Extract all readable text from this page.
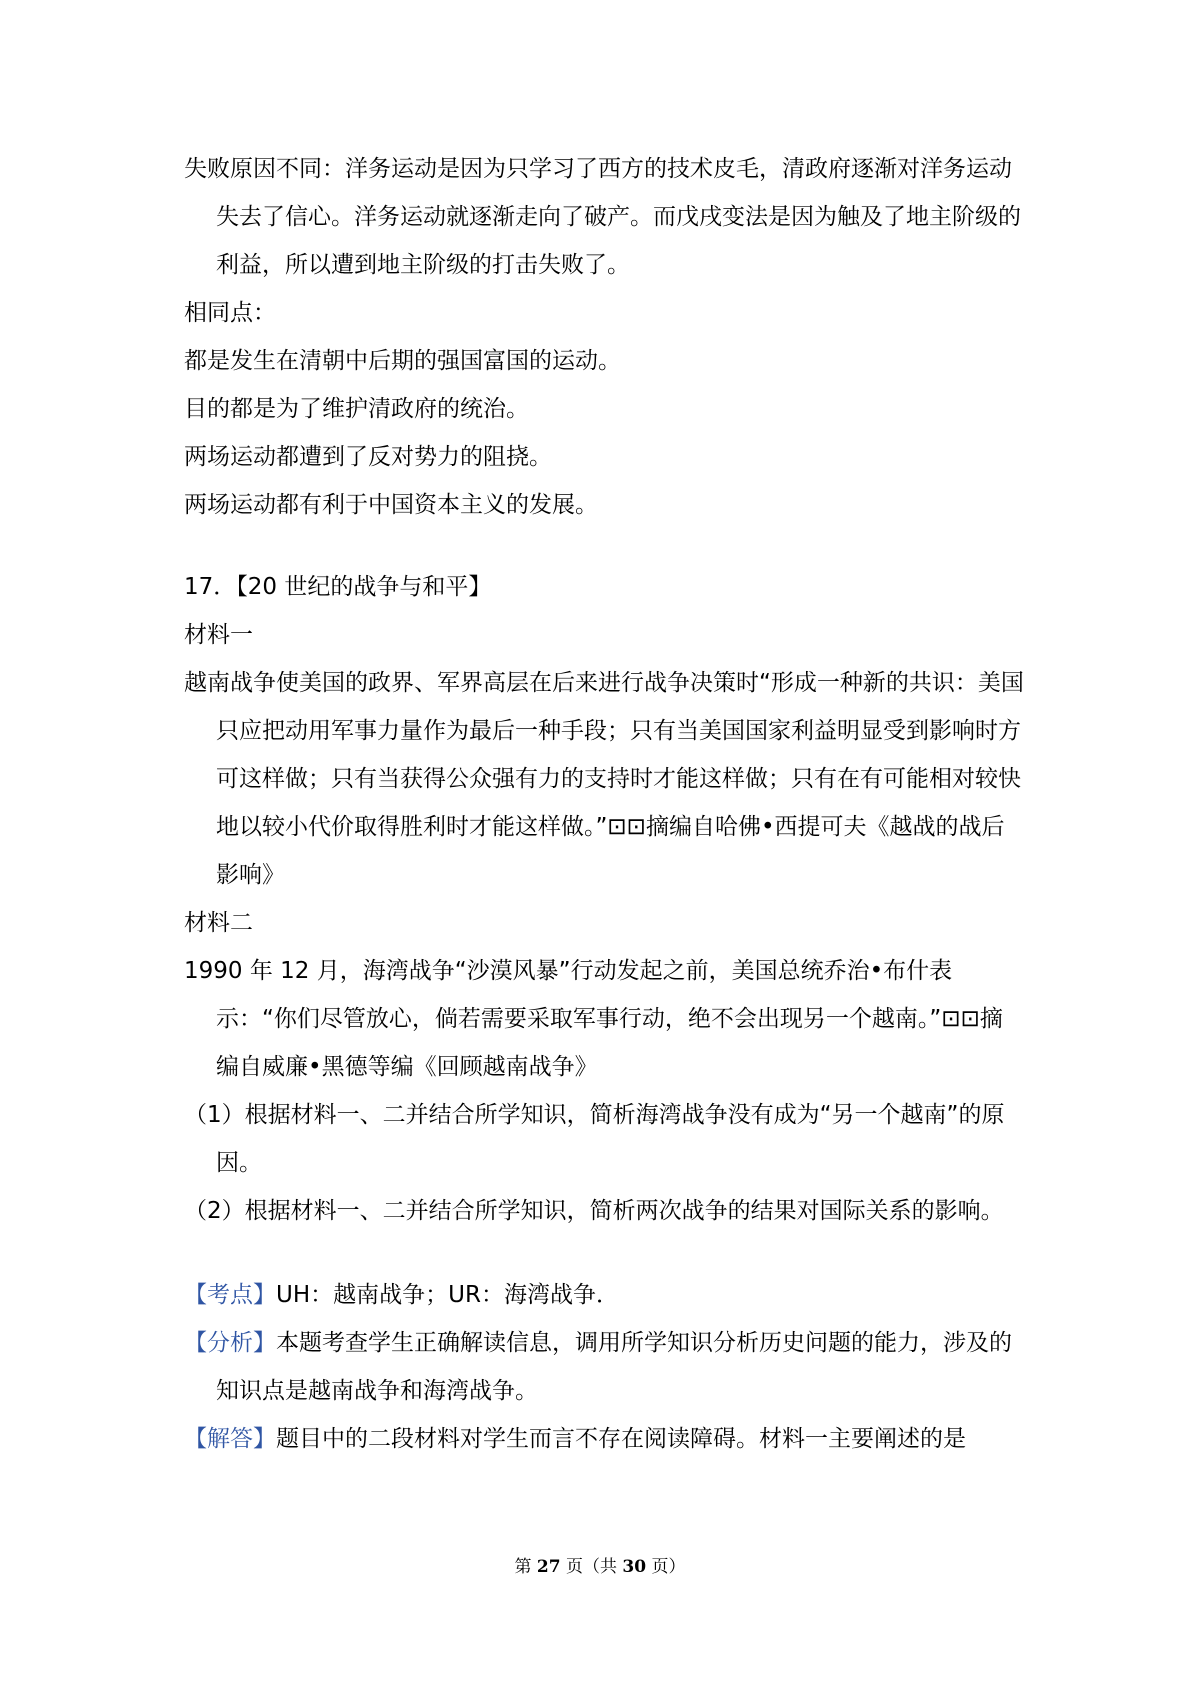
失败原因不同：洋务运动是因为只学习了西方的技术皮毛，清政府逐渐对洋务运动失去了信心。洋务运动就逐渐走向了破产。而戊戌变法是因为触及了地主阶级的利益，所以遭到地主阶级的打击失败了。

相同点：

都是发生在清朝中后期的强国富国的运动。

目的都是为了维护清政府的统治。

两场运动都遭到了反对势力的阻挠。

两场运动都有利于中国资本主义的发展。

17．【20 世纪的战争与和平】

材料一

越南战争使美国的政界、军界高层在后来进行战争决策时“形成一种新的共识：美国只应把动用军事力量作为最后一种手段；只有当美国国家利益明显受到影响时方可这样做；只有当获得公众强有力的支持时才能这样做；只有在有可能相对较快地以较小代价取得胜利时才能这样做。”⊡⊡摘编自哈佛•西提可夫《越战的战后影响》

材料二

1990 年 12 月，海湾战争“沙漠风暴”行动发起之前，美国总统乔治•布什表示：“你们尽管放心，倘若需要采取军事行动，绝不会出现另一个越南。”⊡⊡摘编自威廉•黑德等编《回顾越南战争》

（1）根据材料一、二并结合所学知识，简析海湾战争没有成为“另一个越南”的原因。

（2）根据材料一、二并结合所学知识，简析两次战争的结果对国际关系的影响。

【考点】UH：越南战争；UR：海湾战争．

【分析】本题考查学生正确解读信息，调用所学知识分析历史问题的能力，涉及的知识点是越南战争和海湾战争。

【解答】题目中的二段材料对学生而言不存在阅读障碍。材料一主要阐述的是

第 27 页（共 30 页）
